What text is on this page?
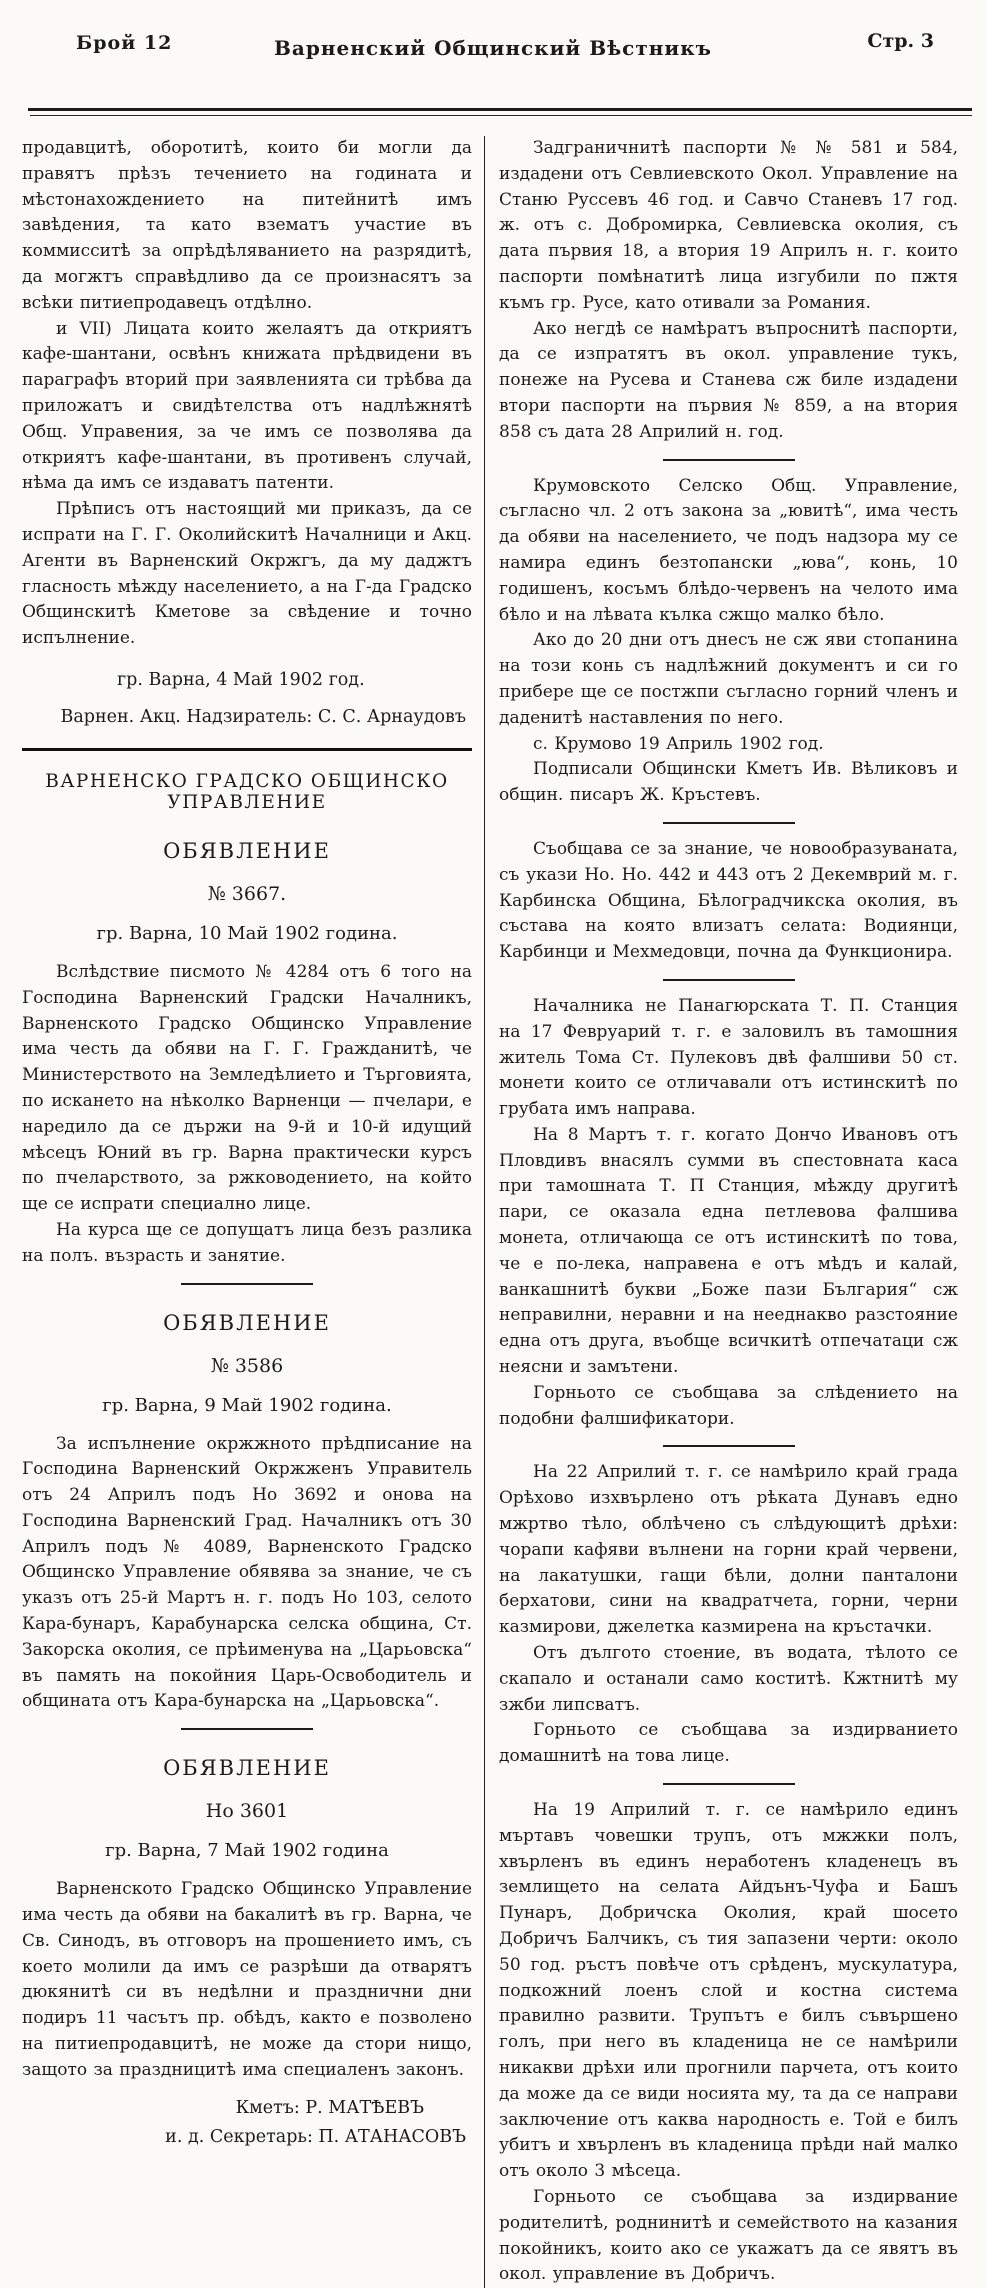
Брой 12	Варненский Общинский Вѣстникъ	Стр. 3

продавцитѣ, оборотитѣ, които би могли да правятъ прѣзъ течението на годината и мѣстонахождението на питейнитѣ имъ завѣдения, та като взематъ участие въ коммисситѣ за опрѣдѣляванието на разрядитѣ, да могжтъ справѣдливо да се произнасятъ за всѣки питиепродавецъ отдѣлно.

и VII) Лицата които желаятъ да откриятъ кафе-шантани, освѣнъ книжата прѣдвидени въ параграфъ вторий при заявленията си трѣбва да приложатъ и свидѣтелства отъ надлѣжнятѣ Общ. Управения, за че имъ се позволява да откриятъ кафе-шантани, въ противенъ случай, нѣма да имъ се издаватъ патенти.

Прѣписъ отъ настоящий ми приказъ, да се испрати на Г. Г. Околийскитѣ Началници и Акц. Агенти въ Варненский Окржгъ, да му даджтъ гласность мѣжду населението, а на Г-да Градско Общинскитѣ Кметове за свѣдение и точно испълнение.

гр. Варна, 4 Май 1902 год.

Варнен. Акц. Надзиратель: С. С. Арнаудовъ

ВАРНЕНСКО ГРАДСКО ОБЩИНСКО УПРАВЛЕНИЕ

ОБЯВЛЕНИЕ

№ 3667.

гр. Варна, 10 Май 1902 година.

Вслѣдствие писмото № 4284 отъ 6 того на Господина Варненский Градски Началникъ, Варненското Градско Общинско Управление има честь да обяви на Г. Г. Гражданитѣ, че Министерството на Земледѣлието и Търговията, по искането на нѣколко Варненци — пчелари, е наредило да се държи на 9-й и 10-й идущий мѣсецъ Юний въ гр. Варна практически курсъ по пчеларството, за ржководението, на който ще се испрати специално лице.

На курса ще се допущатъ лица безъ разлика на полъ. възрасть и занятие.

ОБЯВЛЕНИЕ

№ 3586

гр. Варна, 9 Май 1902 година.

За испълнение окржжното прѣдписание на Господина Варненский Окржженъ Управитель отъ 24 Априлъ подъ Но 3692 и онова на Господина Варненский Град. Началникъ отъ 30 Априлъ подъ № 4089, Варненското Градско Общинско Управление обявява за знание, че съ указъ отъ 25-й Мартъ н. г. подъ Но 103, селото Кара-бунаръ, Карабунарска селска община, Ст. Закорска околия, се прѣименува на „Царьовска“ въ память на покойния Царь-Освободитель и общината отъ Кара-бунарска на „Царьовска“.

ОБЯВЛЕНИЕ

Но 3601

гр. Варна, 7 Май 1902 година

Варненското Градско Общинско Управление има честь да обяви на бакалитѣ въ гр. Варна, че Св. Синодъ, въ отговоръ на прошението имъ, съ което молили да имъ се разрѣши да отварятъ дюкянитѣ си въ недѣлни и празднични дни подиръ 11 часътъ пр. обѣдъ, както е позволено на питиепродавцитѣ, не може да стори нищо, защото за праздницитѣ има специаленъ законъ.

Кметъ: Р. МАТѢЕВЪ

и. д. Секретарь: П. АТАНАСОВЪ

Задграничнитѣ паспорти № № 581 и 584, издадени отъ Севлиевското Окол. Управление на Станю Руссевъ 46 год. и Савчо Станевъ 17 год. ж. отъ с. Добромирка, Севлиевска околия, съ дата първия 18, а втория 19 Априлъ н. г. които паспорти помѣнатитѣ лица изгубили по пжтя къмъ гр. Русе, като отивали за Романия.

Ако негдѣ се намѣратъ въпроснитѣ паспорти, да се изпратятъ въ окол. управление тукъ, понеже на Русева и Станева сж биле издадени втори паспорти на първия № 859, а на втория 858 съ дата 28 Априлий н. год.

Крумовското Селско Общ. Управление, съгласно чл. 2 отъ закона за „ювитѣ“, има честь да обяви на населението, че подъ надзора му се намира единъ безтопански „юва“, конь, 10 годишенъ, косъмъ блѣдо-червенъ на челото има бѣло и на лѣвата кълка сжщо малко бѣло.

Ако до 20 дни отъ днесъ не сж яви стопанина на този конь съ надлѣжний документъ и си го прибере ще се постжпи съгласно горний членъ и даденитѣ наставления по него.

с. Крумово 19 Априль 1902 год.

Подписали Общински Кметъ Ив. Вѣликовъ и общин. писаръ Ж. Кръстевъ.

Съобщава се за знание, че новообразуваната, съ укази Но. Но. 442 и 443 отъ 2 Декемврий м. г. Карбинска Община, Бѣлоградчикска околия, въ състава на която влизатъ селата: Водиянци, Карбинци и Мехмедовци, почна да Функционира.

Началника не Панагюрската Т. П. Станция на 17 Февруарий т. г. е заловилъ въ тамошния житель Тома Ст. Пулековъ двѣ фалшиви 50 ст. монети които се отличавали отъ истинскитѣ по грубата имъ направа.

На 8 Мартъ т. г. когато Дончо Ивановъ отъ Пловдивъ внасялъ сумми въ спестовната каса при тамошната Т. П Станция, мѣжду другитѣ пари, се оказала една петлевова фалшива монета, отличающа се отъ истинскитѣ по това, че е по-лека, направена е отъ мѣдъ и калай, ванкашнитѣ букви „Боже пази България“ сж неправилни, неравни и на нееднакво разстояние една отъ друга, въобще всичкитѣ отпечатаци сж неясни и замътени.

Горньото се съобщава за слѣдението на подобни фалшификатори.

На 22 Априлий т. г. се намѣрило край града Орѣхово изхвърлено отъ рѣката Дунавъ едно мжртво тѣло, облѣчено съ слѣдующитѣ дрѣхи: чорапи кафяви вълнени на горни край червени, на лакатушки, гащи бѣли, долни панталони берхатови, сини на квадратчета, горни, черни казмирови, джелетка казмирена на кръстачки.

Отъ дългото стоение, въ водата, тѣлото се скапало и останали само коститѣ. Кжтнитѣ му зжби липсватъ.

Горньото се съобщава за издирванието домашнитѣ на това лице.

На 19 Априлий т. г. се намѣрило единъ мъртавъ човешки трупъ, отъ мжжки полъ, хвърленъ въ единъ неработенъ кладенецъ въ землището на селата Айдънъ-Чуфа и Башъ Пунаръ, Добричска Околия, край шосето Добричъ Балчикъ, съ тия запазени черти: около 50 год. ръстъ повѣче отъ срѣденъ, мускулатура, подкожний лоенъ слой и костна система правилно развити. Трупътъ е билъ съвършено голъ, при него въ кладеница не се намѣрили никакви дрѣхи или прогнили парчета, отъ които да може да се види носията му, та да се направи заключение отъ каква народность е. Той е билъ убитъ и хвърленъ въ кладеница прѣди най малко отъ около 3 мѣсеца.

Горньото се съобщава за издирвание родителитѣ, роднинитѣ и семейството на казания покойникъ, които ако се укажатъ да се явятъ въ окол. управление въ Добричъ.
